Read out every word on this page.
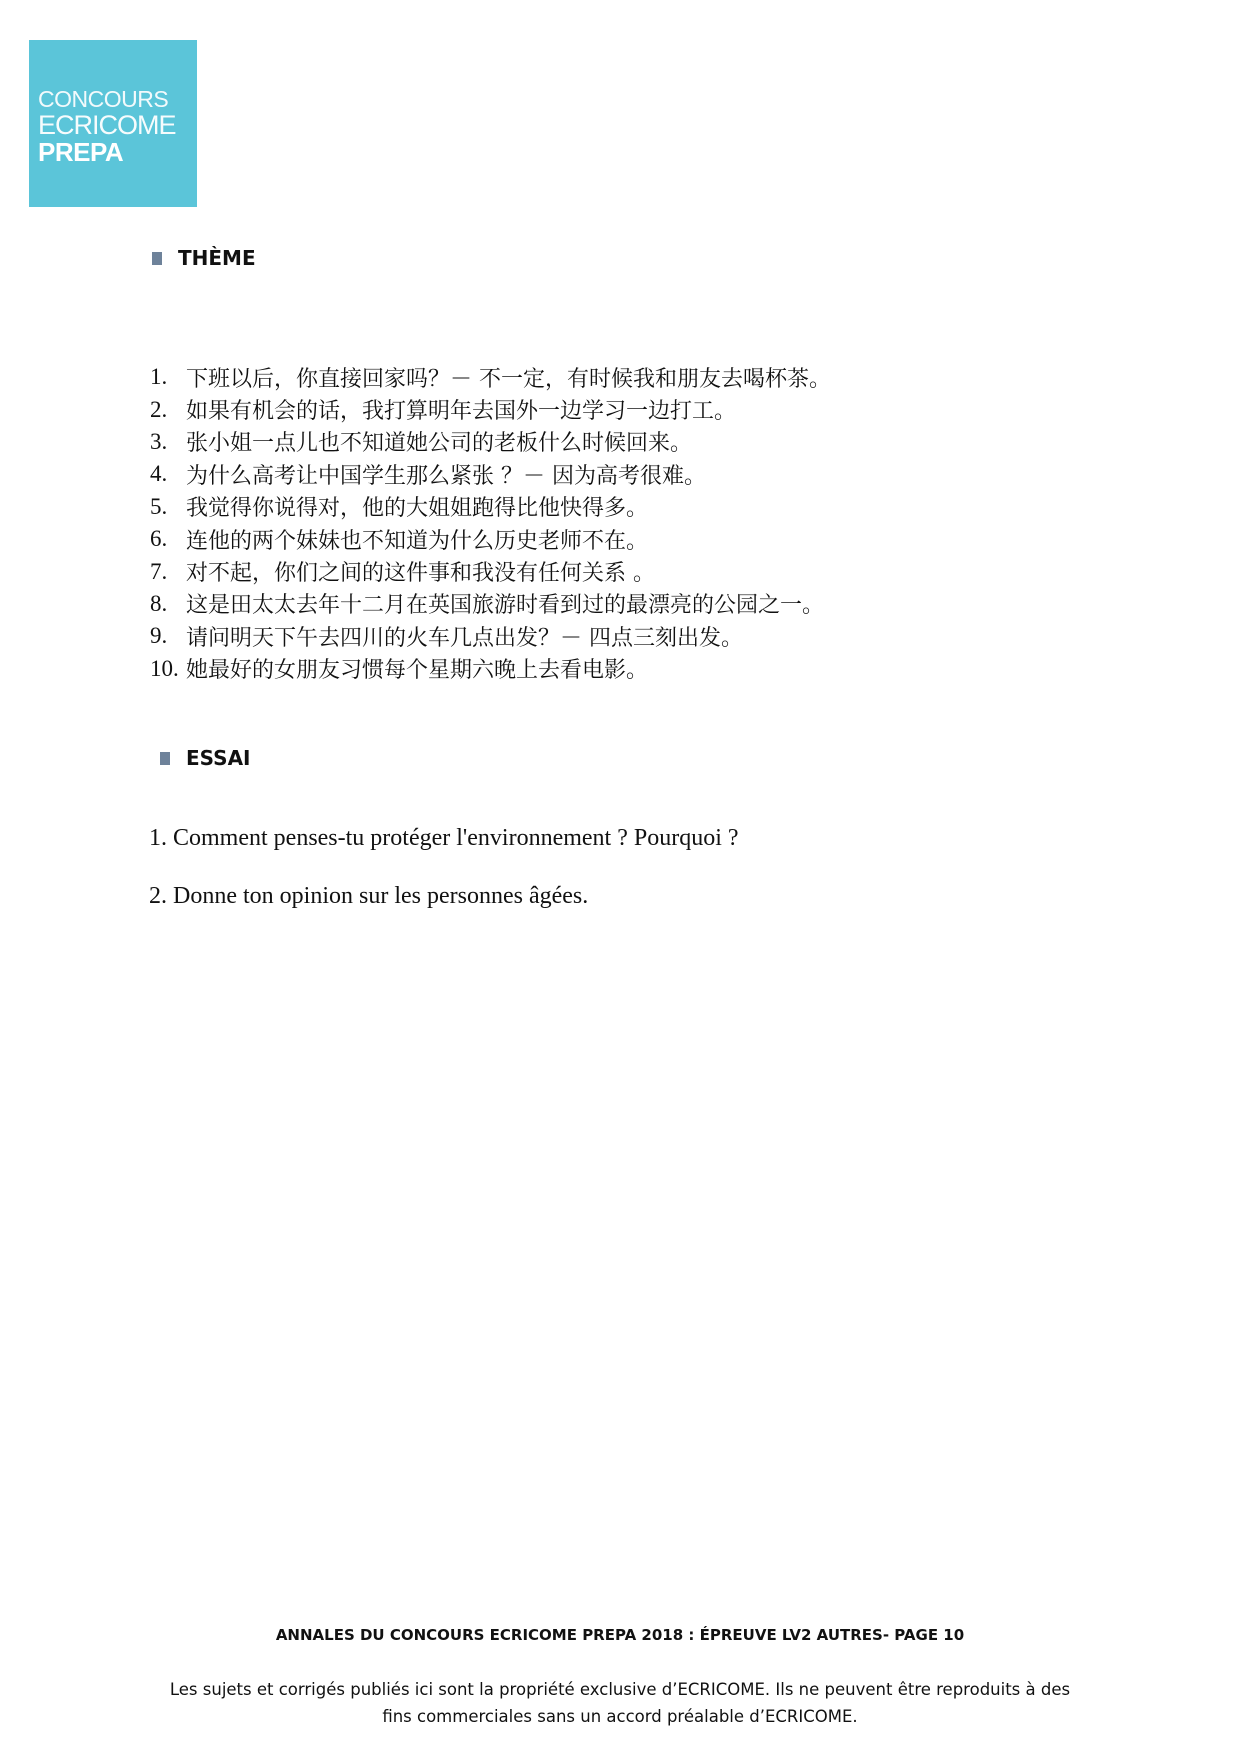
CONCOURS
ECRICOME
PREPA
THÈME
1. 下班以后，你直接回家吗？－ 不一定，有时候我和朋友去喝杯茶。
2. 如果有机会的话，我打算明年去国外一边学习一边打工。
3. 张小姐一点儿也不知道她公司的老板什么时候回来。
4. 为什么高考让中国学生那么紧张 ？－ 因为高考很难。
5. 我觉得你说得对，他的大姐姐跑得比他快得多。
6. 连他的两个妹妹也不知道为什么历史老师不在。
7. 对不起，你们之间的这件事和我没有任何关系 。
8. 这是田太太去年十二月在英国旅游时看到过的最漂亮的公园之一。
9. 请问明天下午去四川的火车几点出发？－ 四点三刻出发。
10. 她最好的女朋友习惯每个星期六晚上去看电影。
ESSAI
1. Comment penses-tu protéger l'environnement ? Pourquoi ?
2. Donne ton opinion sur les personnes âgées.
ANNALES DU CONCOURS ECRICOME PREPA 2018 : ÉPREUVE LV2 AUTRES- PAGE 10
Les sujets et corrigés publiés ici sont la propriété exclusive d’ECRICOME. Ils ne peuvent être reproduits à des
fins commerciales sans un accord préalable d’ECRICOME.
